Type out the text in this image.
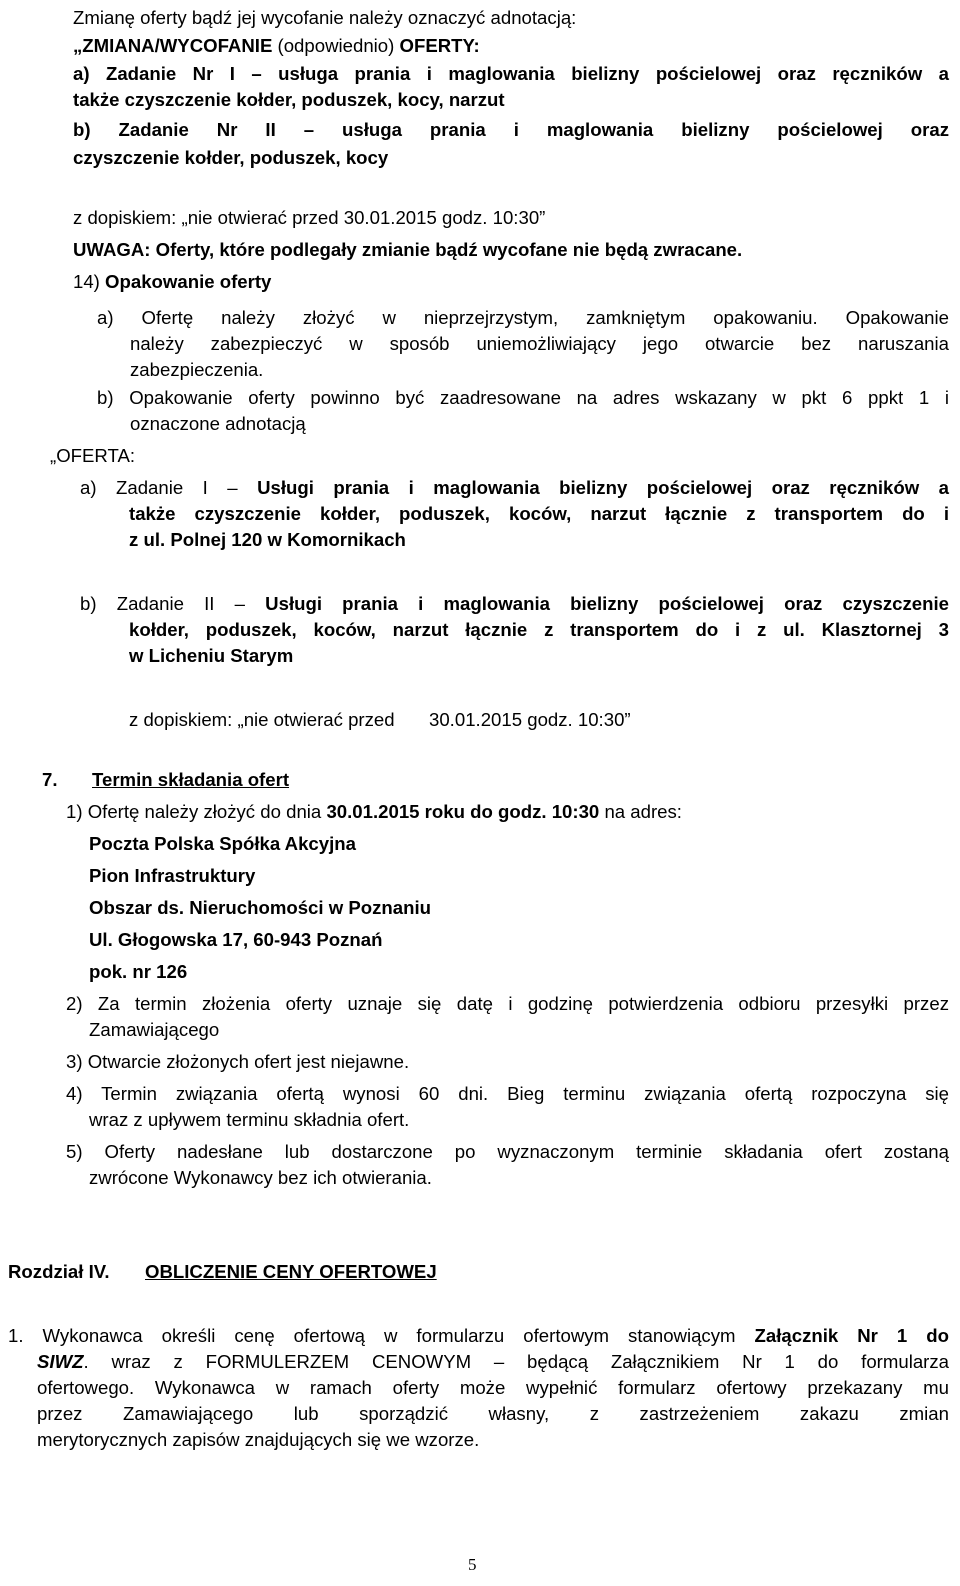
Zmianę oferty bądź jej wycofanie należy oznaczyć adnotacją:
„ZMIANA/WYCOFANIE (odpowiednio) OFERTY:
a) Zadanie Nr I – usługa prania i maglowania bielizny pościelowej oraz ręczników a
także czyszczenie kołder, poduszek, kocy, narzut
b) Zadanie Nr II – usługa prania i maglowania bielizny pościelowej oraz
czyszczenie kołder, poduszek, kocy
z dopiskiem: „nie otwierać przed 30.01.2015 godz. 10:30”
UWAGA: Oferty, które podlegały zmianie bądź wycofane nie będą zwracane.
14) Opakowanie oferty
a) Ofertę należy złożyć w nieprzejrzystym, zamkniętym opakowaniu. Opakowanie
należy zabezpieczyć w sposób uniemożliwiający jego otwarcie bez naruszania
zabezpieczenia.
b) Opakowanie oferty powinno być zaadresowane na adres wskazany w pkt 6 ppkt 1 i
oznaczone adnotacją
„OFERTA:
a) Zadanie I – Usługi prania i maglowania bielizny pościelowej oraz ręczników a
także czyszczenie kołder, poduszek, koców, narzut łącznie z transportem do i
z ul. Polnej 120 w Komornikach
b) Zadanie II – Usługi prania i maglowania bielizny pościelowej oraz czyszczenie
kołder, poduszek, koców, narzut łącznie z transportem do i z ul. Klasztornej 3
w Licheniu Starym
z dopiskiem: „nie otwierać przed 30.01.2015 godz. 10:30”
7. Termin składania ofert
1) Ofertę należy złożyć do dnia 30.01.2015 roku do godz. 10:30 na adres:
Poczta Polska Spółka Akcyjna
Pion Infrastruktury
Obszar ds. Nieruchomości w Poznaniu
Ul. Głogowska 17, 60-943 Poznań
pok. nr 126
2) Za termin złożenia oferty uznaje się datę i godzinę potwierdzenia odbioru przesyłki przez
Zamawiającego
3) Otwarcie złożonych ofert jest niejawne.
4) Termin związania ofertą wynosi 60 dni. Bieg terminu związania ofertą rozpoczyna się
wraz z upływem terminu składnia ofert.
5) Oferty nadesłane lub dostarczone po wyznaczonym terminie składania ofert zostaną
zwrócone Wykonawcy bez ich otwierania.
Rozdział IV. OBLICZENIE CENY OFERTOWEJ
1. Wykonawca określi cenę ofertową w formularzu ofertowym stanowiącym Załącznik Nr 1 do
SIWZ. wraz z FORMULERZEM CENOWYM – będącą Załącznikiem Nr 1 do formularza
ofertowego. Wykonawca w ramach oferty może wypełnić formularz ofertowy przekazany mu
przez Zamawiającego lub sporządzić własny, z zastrzeżeniem zakazu zmian
merytorycznych zapisów znajdujących się we wzorze.
5
